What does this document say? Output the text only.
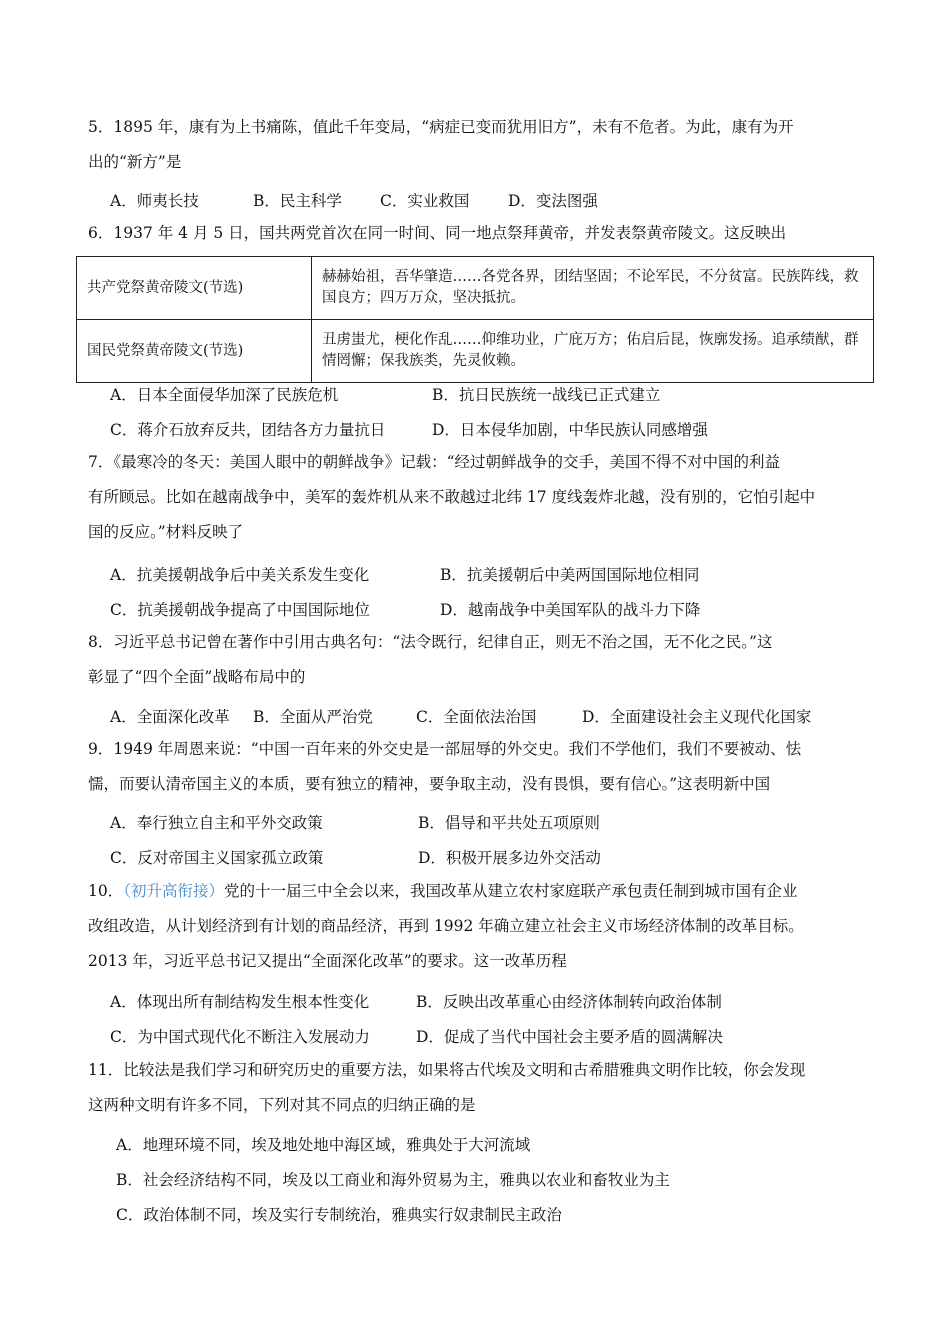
5．1895 年，康有为上书痛陈，值此千年变局，“病症已变而犹用旧方”，未有不危者。为此，康有为开
出的“新方”是
A．师夷长技	B．民主科学 C．实业救国 D．变法图强
6．1937 年 4 月 5 日，国共两党首次在同一时间、同一地点祭拜黄帝，并发表祭黄帝陵文。这反映出
共产党祭黄帝陵文(节选)	赫赫始祖，吾华肇造……各党各界，团结坚固；不论军民，不分贫富。民族阵线，救国良方；四万万众，坚决抵抗。
国民党祭黄帝陵文(节选)	丑虏蚩尤，梗化作乱……仰维功业，广庇万方；佑启后昆，恢廓发扬。追承绩猷，群情罔懈；保我族类，先灵攸赖。
A．日本全面侵华加深了民族危机	B．抗日民族统一战线已正式建立
C．蒋介石放弃反共，团结各方力量抗日	D．日本侵华加剧，中华民族认同感增强
7．《最寒冷的冬天：美国人眼中的朝鲜战争》记载：“经过朝鲜战争的交手，美国不得不对中国的利益
有所顾忌。比如在越南战争中，美军的轰炸机从来不敢越过北纬 17 度线轰炸北越，没有别的，它怕引起中
国的反应。”材料反映了
A．抗美援朝战争后中美关系发生变化	B．抗美援朝后中美两国国际地位相同
C．抗美援朝战争提高了中国国际地位	D．越南战争中美国军队的战斗力下降
8．习近平总书记曾在著作中引用古典名句：“法令既行，纪律自正，则无不治之国，无不化之民。”这
彰显了“四个全面”战略布局中的
A．全面深化改革 B．全面从严治党	C．全面依法治国	D．全面建设社会主义现代化国家
9．1949 年周恩来说：“中国一百年来的外交史是一部屈辱的外交史。我们不学他们，我们不要被动、怯
懦，而要认清帝国主义的本质，要有独立的精神，要争取主动，没有畏惧，要有信心。”这表明新中国
A．奉行独立自主和平外交政策	B．倡导和平共处五项原则
C．反对帝国主义国家孤立政策	D．积极开展多边外交活动
10．（初升高衔接）党的十一届三中全会以来，我国改革从建立农村家庭联产承包责任制到城市国有企业
改组改造，从计划经济到有计划的商品经济，再到 1992 年确立建立社会主义市场经济体制的改革目标。
2013 年，习近平总书记又提出“全面深化改革”的要求。这一改革历程
A．体现出所有制结构发生根本性变化	B．反映出改革重心由经济体制转向政治体制
C．为中国式现代化不断注入发展动力	D．促成了当代中国社会主要矛盾的圆满解决
11．比较法是我们学习和研究历史的重要方法，如果将古代埃及文明和古希腊雅典文明作比较，你会发现
这两种文明有许多不同，下列对其不同点的归纳正确的是
A．地理环境不同，埃及地处地中海区域，雅典处于大河流域
B．社会经济结构不同，埃及以工商业和海外贸易为主，雅典以农业和畜牧业为主
C．政治体制不同，埃及实行专制统治，雅典实行奴隶制民主政治
